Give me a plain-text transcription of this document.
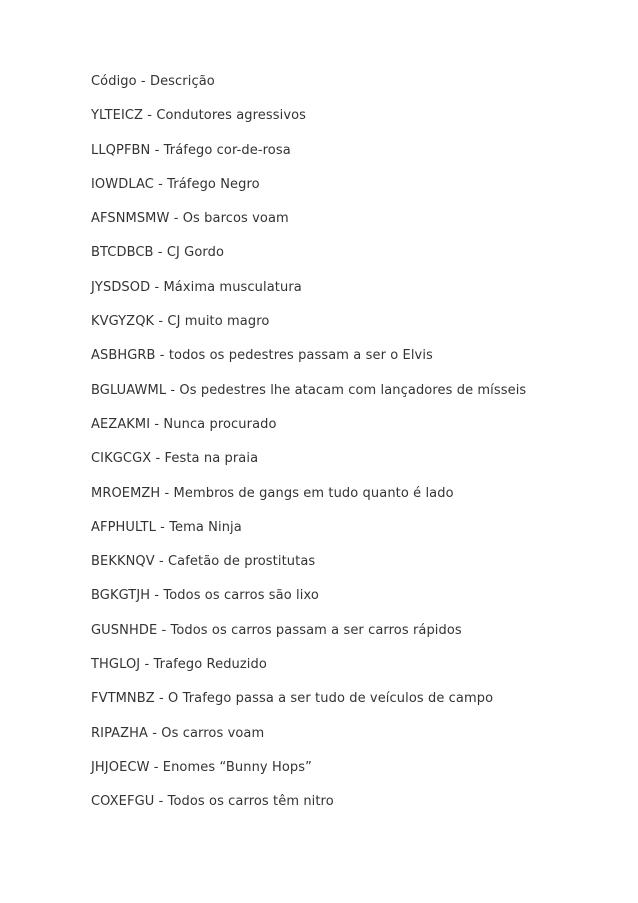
Código - Descrição
YLTEICZ - Condutores agressivos
LLQPFBN - Tráfego cor-de-rosa
IOWDLAC - Tráfego Negro
AFSNMSMW - Os barcos voam
BTCDBCB - CJ Gordo
JYSDSOD - Máxima musculatura
KVGYZQK - CJ muito magro
ASBHGRB - todos os pedestres passam a ser o Elvis
BGLUAWML - Os pedestres lhe atacam com lançadores de mísseis
AEZAKMI - Nunca procurado
CIKGCGX - Festa na praia
MROEMZH - Membros de gangs em tudo quanto é lado
AFPHULTL - Tema Ninja
BEKKNQV - Cafetão de prostitutas
BGKGTJH - Todos os carros são lixo
GUSNHDE - Todos os carros passam a ser carros rápidos
THGLOJ - Trafego Reduzido
FVTMNBZ - O Trafego passa a ser tudo de veículos de campo
RIPAZHA - Os carros voam
JHJOECW - Enomes “Bunny Hops”
COXEFGU - Todos os carros têm nitro
